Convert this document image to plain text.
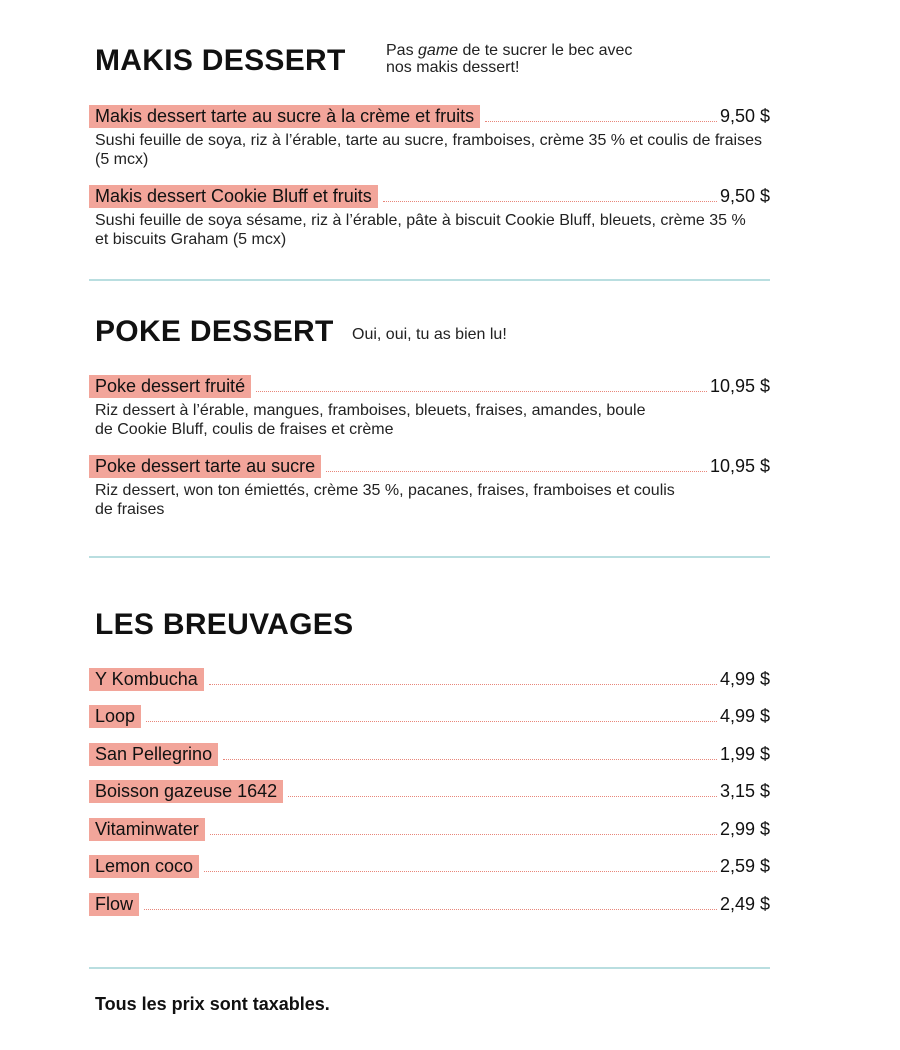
MAKIS DESSERT	Pas game de te sucrer le bec avec
nos makis dessert!
Makis dessert tarte au sucre à la crème et fruits	9,50 $
Sushi feuille de soya, riz à l’érable, tarte au sucre, framboises, crème 35 % et coulis de fraises (5 mcx)
Makis dessert Cookie Bluff et fruits	9,50 $
Sushi feuille de soya sésame, riz à l’érable, pâte à biscuit Cookie Bluff, bleuets, crème 35 % et biscuits Graham (5 mcx)
POKE DESSERT Oui, oui, tu as bien lu!
Poke dessert fruité	10,95 $
Riz dessert à l’érable, mangues, framboises, bleuets, fraises, amandes, boule
de Cookie Bluff, coulis de fraises et crème
Poke dessert tarte au sucre	10,95 $
Riz dessert, won ton émiettés, crème 35 %, pacanes, fraises, framboises et coulis
de fraises
LES BREUVAGES
Y Kombucha	4,99 $
Loop	4,99 $
San Pellegrino	1,99 $
Boisson gazeuse 1642	3,15 $
Vitaminwater	2,99 $
Lemon coco	2,59 $
Flow	2,49 $
Tous les prix sont taxables.
